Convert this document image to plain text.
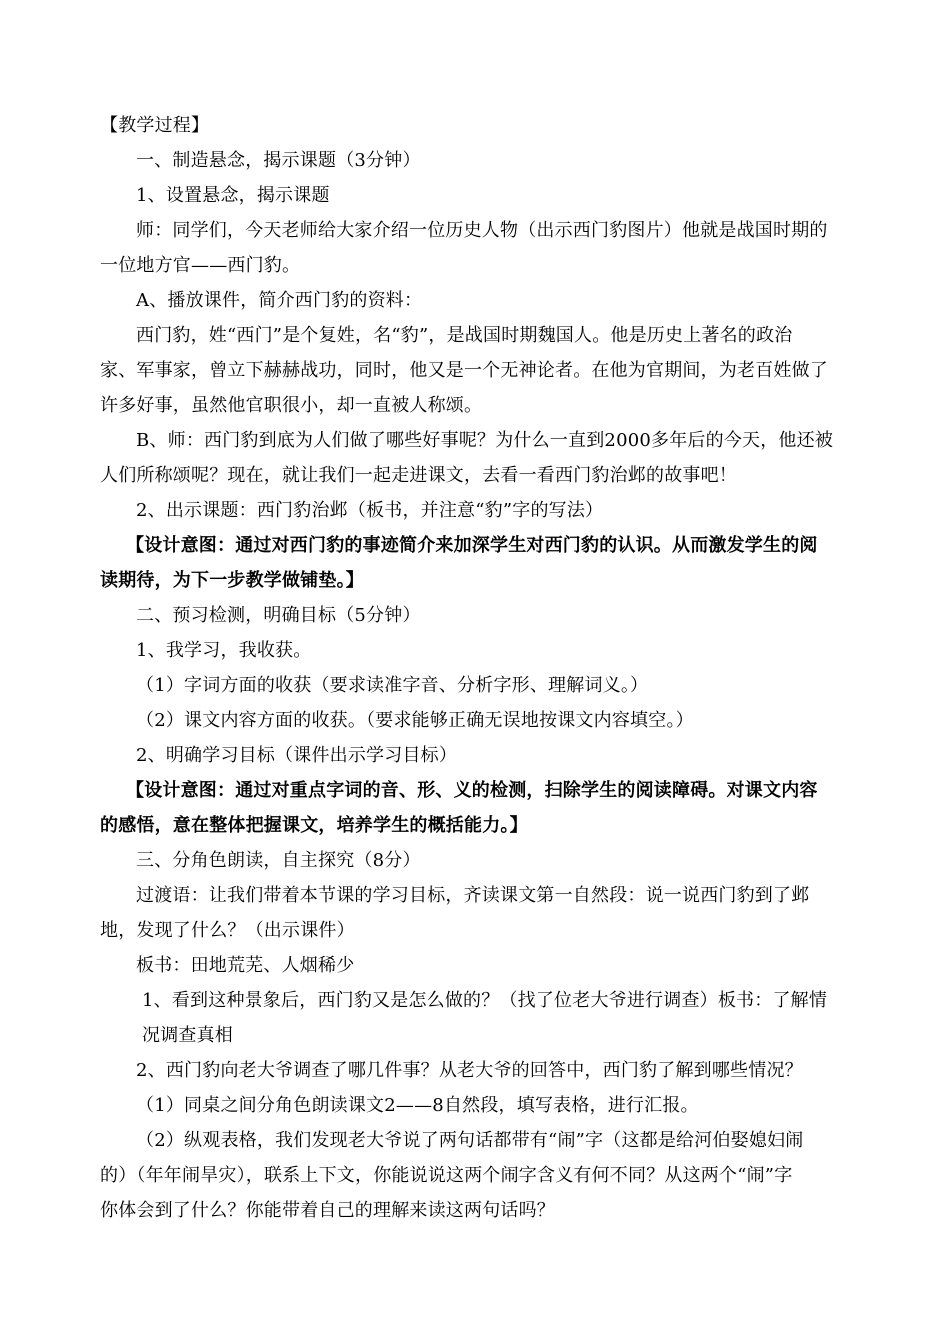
【教学过程】
一、制造悬念，揭示课题（3分钟）
1、设置悬念，揭示课题
师：同学们，今天老师给大家介绍一位历史人物（出示西门豹图片）他就是战国时期的
一位地方官——西门豹。
A、播放课件，简介西门豹的资料：
西门豹，姓“西门”是个复姓，名“豹”，是战国时期魏国人。他是历史上著名的政治
家、军事家，曾立下赫赫战功，同时，他又是一个无神论者。在他为官期间，为老百姓做了
许多好事，虽然他官职很小，却一直被人称颂。
B、师：西门豹到底为人们做了哪些好事呢？为什么一直到2000多年后的今天，他还被
人们所称颂呢？现在，就让我们一起走进课文，去看一看西门豹治邺的故事吧！
2、出示课题：西门豹治邺（板书，并注意“豹”字的写法）
【设计意图：通过对西门豹的事迹简介来加深学生对西门豹的认识。从而激发学生的阅
读期待，为下一步教学做铺垫。】
二、预习检测，明确目标（5分钟）
1、我学习，我收获。
（1）字词方面的收获（要求读准字音、分析字形、理解词义。）
（2）课文内容方面的收获。（要求能够正确无误地按课文内容填空。）
2、明确学习目标（课件出示学习目标）
【设计意图：通过对重点字词的音、形、义的检测，扫除学生的阅读障碍。对课文内容
的感悟，意在整体把握课文，培养学生的概括能力。】
三、分角色朗读，自主探究（8分）
过渡语：让我们带着本节课的学习目标，齐读课文第一自然段：说一说西门豹到了邺
地，发现了什么？（出示课件）
板书：田地荒芜、人烟稀少
1、看到这种景象后，西门豹又是怎么做的？（找了位老大爷进行调查）板书：了解情
况调查真相
2、西门豹向老大爷调查了哪几件事？从老大爷的回答中，西门豹了解到哪些情况？
（1）同桌之间分角色朗读课文2——8自然段，填写表格，进行汇报。
（2）纵观表格，我们发现老大爷说了两句话都带有“闹”字（这都是给河伯娶媳妇闹
的）（年年闹旱灾），联系上下文，你能说说这两个闹字含义有何不同？从这两个“闹”字
你体会到了什么？你能带着自己的理解来读这两句话吗？
